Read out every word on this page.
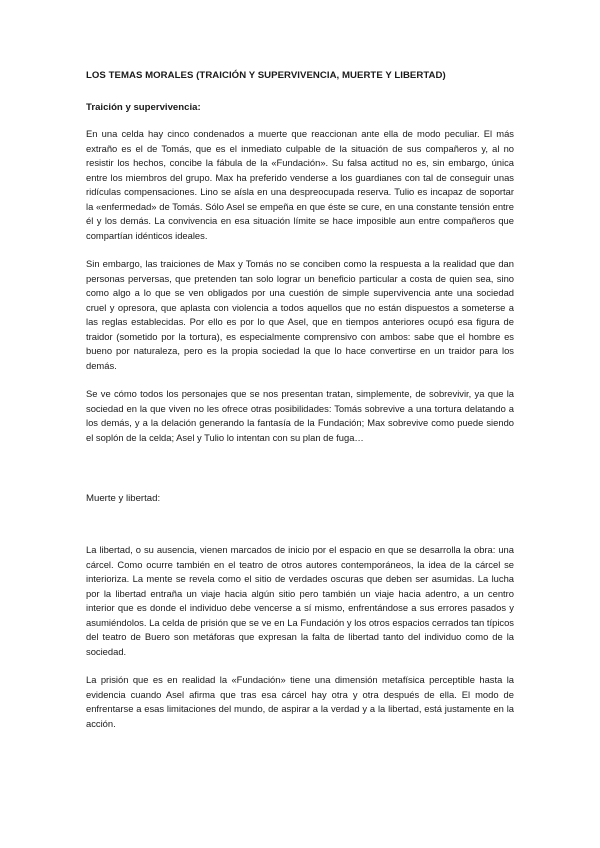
LOS TEMAS MORALES (TRAICIÓN Y SUPERVIVENCIA, MUERTE Y LIBERTAD)
Traición y supervivencia:

En una celda hay cinco condenados a muerte que reaccionan ante ella de modo peculiar. El más extraño es el de Tomás, que es el inmediato culpable de la situación de sus compañeros y, al no resistir los hechos, concibe la fábula de la «Fundación». Su falsa actitud no es, sin embargo, única entre los miembros del grupo. Max ha preferido venderse a los guardianes con tal de conseguir unas ridículas compensaciones. Lino se aísla en una despreocupada reserva. Tulio es incapaz de soportar la «enfermedad» de Tomás. Sólo Asel se empeña en que éste se cure, en una constante tensión entre él y los demás. La convivencia en esa situación límite se hace imposible aun entre compañeros que compartían idénticos ideales.

Sin embargo, las traiciones de Max y Tomás no se conciben como la respuesta a la realidad que dan personas perversas, que pretenden tan solo lograr un beneficio particular a costa de quien sea, sino como algo a lo que se ven obligados por una cuestión de simple supervivencia ante una sociedad cruel y opresora, que aplasta con violencia a todos aquellos que no están dispuestos a someterse a las reglas establecidas. Por ello es por lo que Asel, que en tiempos anteriores ocupó esa figura de traidor (sometido por la tortura), es especialmente comprensivo con ambos: sabe que el hombre es bueno por naturaleza, pero es la propia sociedad la que lo hace convertirse en un traidor para los demás.

Se ve cómo todos los personajes que se nos presentan tratan, simplemente, de sobrevivir, ya que la sociedad en la que viven no les ofrece otras posibilidades: Tomás sobrevive a una tortura delatando a los demás, y a la delación generando la fantasía de la Fundación; Max sobrevive como puede siendo el soplón de la celda; Asel y Tulio lo intentan con su plan de fuga…

Muerte y libertad:

La libertad, o su ausencia, vienen marcados de inicio por el espacio en que se desarrolla la obra: una cárcel. Como ocurre también en el teatro de otros autores contemporáneos, la idea de la cárcel se interioriza. La mente se revela como el sitio de verdades oscuras que deben ser asumidas. La lucha por la libertad entraña un viaje hacia algún sitio pero también un viaje hacia adentro, a un centro interior que es donde el individuo debe vencerse a sí mismo, enfrentándose a sus errores pasados y asumiéndolos. La celda de prisión que se ve en La Fundación y los otros espacios cerrados tan típicos del teatro de Buero son metáforas que expresan la falta de libertad tanto del individuo como de la sociedad.

La prisión que es en realidad la «Fundación» tiene una dimensión metafísica perceptible hasta la evidencia cuando Asel afirma que tras esa cárcel hay otra y otra después de ella. El modo de enfrentarse a esas limitaciones del mundo, de aspirar a la verdad y a la libertad, está justamente en la acción.
